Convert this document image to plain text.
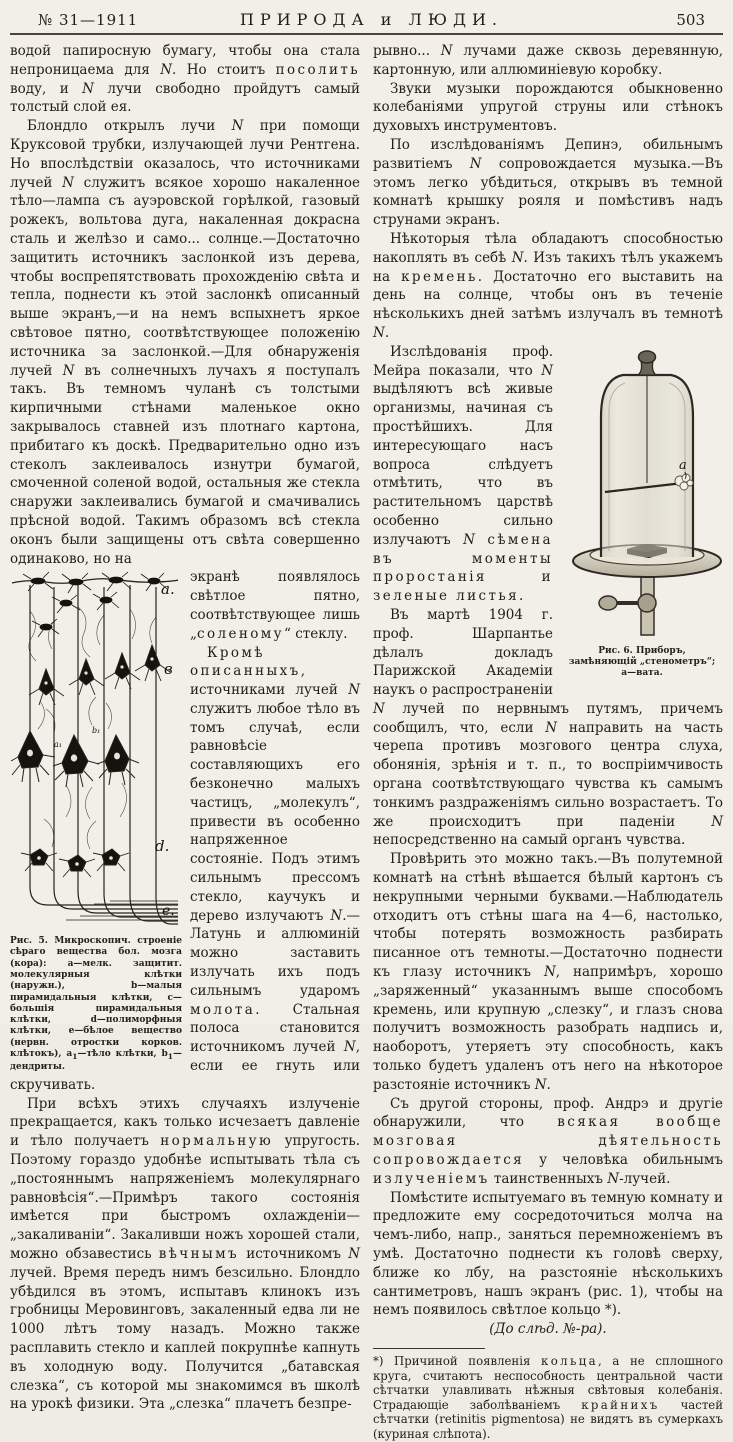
№ 31—1911	ПРИРОДА и ЛЮДИ.	503

водой папиросную бумагу, чтобы она стала непроницаема для N. Но стоитъ посолить воду, и N лучи свободно пройдутъ самый толстый слой ея.

Блондло открылъ лучи N при помощи Круксовой трубки, излучающей лучи Рентгена. Но впослѣдствіи оказалось, что источниками лучей N служитъ всякое хорошо накаленное тѣло—лампа съ ауэровской горѣлкой, газовый рожекъ, вольтова дуга, накаленная докрасна сталь и желѣзо и само... солнце.—Достаточно защитить источникъ заслонкой изъ дерева, чтобы воспрепятствовать прохожденію свѣта и тепла, поднести къ этой заслонкѣ описанный выше экранъ,—и на немъ вспыхнетъ яркое свѣтовое пятно, соотвѣтствующее положенію источника за заслонкой.—Для обнаруженія лучей N въ солнечныхъ лучахъ я поступалъ такъ. Въ темномъ чуланѣ съ толстыми кирпичными стѣнами маленькое окно закрывалось ставней изъ плотнаго картона, прибитаго къ доскѣ. Предварительно одно изъ стеколъ заклеивалось изнутри бумагой, смоченной соленой водой, остальныя же стекла снаружи заклеивались бумагой и смачивались прѣсной водой. Такимъ образомъ всѣ стекла оконъ были защищены отъ свѣта совершенно одинаково, но на

a.
в
d.
e.
a₁
b₁
Рис. 5. Микроскопич. строеніе сѣраго вещества бол. мозга (кора): а—мелк. защитит. молекулярныя клѣтки (наружн.), b—малыя пирамидальныя клѣтки, с—большія пирамидальныя клѣтки, d—полиморфныя клѣтки, е—бѣлое вещество (нервн. отростки корков. клѣтокъ), $a_1—тѣло$ клѣтки, $b_1—дендриты$.

экранѣ появлялось свѣтлое пятно, соотвѣтствующее лишь „соленому“ стеклу.

Кромѣ описанныхъ, источниками лучей N служитъ любое тѣло въ томъ случаѣ, если равновѣсіе составляющихъ его безконечно малыхъ частицъ, „молекулъ“, привести въ особенно напряженное состояніе. Подъ этимъ сильнымъ прессомъ стекло, каучукъ и дерево излучаютъ N.—Латунь и аллюминій можно заставить излучать ихъ подъ сильнымъ ударомъ молота. Стальная полоса становится источникомъ лучей N, если ее гнуть или скручивать.

При всѣхъ этихъ случаяхъ излученіе прекращается, какъ только исчезаетъ давленіе и тѣло получаетъ нормальную упругость. Поэтому гораздо удобнѣе испытывать тѣла съ „постояннымъ напряженіемъ молекулярнаго равновѣсія“.—Примѣръ такого состоянія имѣется при быстромъ охлажденіи—„закаливаніи“. Закаливши ножъ хорошей стали, можно обзавестись вѣчнымъ источникомъ N лучей. Время передъ нимъ безсильно. Блондло убѣдился въ этомъ, испытавъ клинокъ изъ гробницы Меровинговъ, закаленный едва ли не 1000 лѣтъ тому назадъ. Можно также расплавить стекло и каплей покрупнѣе капнуть въ холодную воду. Получится „батавская слезка“, съ которой мы знакомимся въ школѣ на урокѣ физики. Эта „слезка“ плачетъ безпре-

рывно... N лучами даже сквозь деревянную, картонную, или аллюминіевую коробку.

Звуки музыки порождаются обыкновенно колебаніями упругой струны или стѣнокъ духовыхъ инструментовъ.

По изслѣдованіямъ Депинэ, обильнымъ развитіемъ N сопровождается музыка.—Въ этомъ легко убѣдиться, открывъ въ темной комнатѣ крышку рояля и помѣстивъ надъ струнами экранъ.

Нѣкоторыя тѣла обладаютъ способностью накоплять въ себѣ N. Изъ такихъ тѣлъ укажемъ на кремень. Достаточно его выставить на день на солнце, чтобы онъ въ теченіе нѣсколькихъ дней затѣмъ излучалъ въ темнотѣ N.

a
Рис. 6. Приборъ, замѣняющій „стенометръ“; а—вата.

Изслѣдованія проф. Мейра показали, что N выдѣляютъ всѣ живые организмы, начиная съ простѣйшихъ. Для интересующаго насъ вопроса слѣдуетъ отмѣтить, что въ растительномъ царствѣ особенно сильно излучаютъ N сѣмена въ моменты проростанія и зеленые листья.

Въ мартѣ 1904 г. проф. Шарпантье дѣлалъ докладъ Парижской Академіи наукъ о распространеніи N лучей по нервнымъ путямъ, причемъ сообщилъ, что, если N направить на часть черепа противъ мозгового центра слуха, обонянія, зрѣнія и т. п., то воспріимчивость органа соотвѣтствующаго чувства къ самымъ тонкимъ раздраженіямъ сильно возрастаетъ. То же происходитъ при паденіи N непосредственно на самый органъ чувства.

Провѣрить это можно такъ.—Въ полутемной комнатѣ на стѣнѣ вѣшается бѣлый картонъ съ некрупными черными буквами.—Наблюдатель отходитъ отъ стѣны шага на 4—6, настолько, чтобы потерять возможность разбирать писанное отъ темноты.—Достаточно поднести къ глазу источникъ N, напримѣръ, хорошо „заряженный“ указаннымъ выше способомъ кремень, или крупную „слезку“, и глазъ снова получитъ возможность разобрать надпись и, наоборотъ, утеряетъ эту способность, какъ только будетъ удаленъ отъ него на нѣкоторое разстояніе источникъ N.

Съ другой стороны, проф. Андрэ и другіе обнаружили, что всякая вообще мозговая дѣятельность сопровождается у человѣка обильнымъ излученіемъ таинственныхъ N-лучей.

Помѣстите испытуемаго въ темную комнату и предложите ему сосредоточиться молча на чемъ-либо, напр., заняться перемноженіемъ въ умѣ. Достаточно поднести къ головѣ сверху, ближе ко лбу, на разстояніе нѣсколькихъ сантиметровъ, нашъ экранъ (рис. 1), чтобы на немъ появилось свѣтлое кольцо *).

(До слѣд. №-ра).

*) Причиной появленія кольца, а не сплошного круга, считаютъ неспособность центральной части сѣтчатки улавливать нѣжныя свѣтовыя колебанія. Страдающіе заболѣваніемъ крайнихъ частей сѣтчатки (retinitis pigmentosa) не видятъ въ сумеркахъ (куриная слѣпота).
